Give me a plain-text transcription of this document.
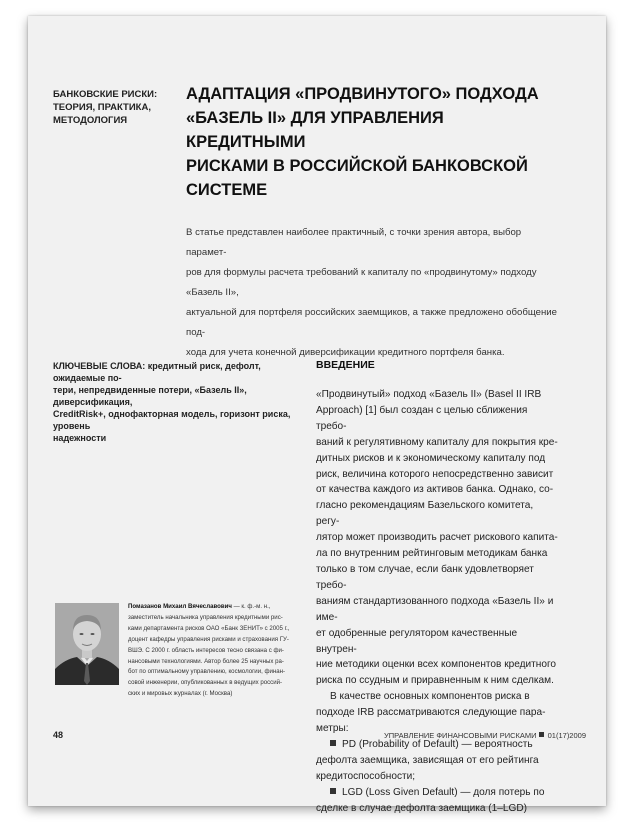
БАНКОВСКИЕ РИСКИ:
ТЕОРИЯ, ПРАКТИКА,
МЕТОДОЛОГИЯ
АДАПТАЦИЯ «ПРОДВИНУТОГО» ПОДХОДА
«БАЗЕЛЬ II» ДЛЯ УПРАВЛЕНИЯ КРЕДИТНЫМИ
РИСКАМИ В РОССИЙСКОЙ БАНКОВСКОЙ
СИСТЕМЕ
В статье представлен наиболее практичный, с точки зрения автора, выбор парамет-
ров для формулы расчета требований к капиталу по «продвинутому» подходу «Базель II»,
актуальной для портфеля российских заемщиков, а также предложено обобщение под-
хода для учета конечной диверсификации кредитного портфеля банка.
КЛЮЧЕВЫЕ СЛОВА: кредитный риск, дефолт, ожидаемые по-
тери, непредвиденные потери, «Базель II», диверсификация,
CreditRisk+, однофакторная модель, горизонт риска, уровень
надежности
ВВЕДЕНИЕ

«Продвинутый» подход «Базель II» (Basel II IRB

Approach) [1] был создан с целью сближения требо-

ваний к регулятивному капиталу для покрытия кре-

дитных рисков и к экономическому капиталу под

риск, величина которого непосредственно зависит

от качества каждого из активов банка. Однако, со-

гласно рекомендациям Базельского комитета, регу-

лятор может производить расчет рискового капита-

ла по внутренним рейтинговым методикам банка

только в том случае, если банк удовлетворяет требо-

ваниям стандартизованного подхода «Базель II» и име-

ет одобренные регулятором качественные внутрен-

ние методики оценки всех компонентов кредитного

риска по ссудным и приравненным к ним сделкам.

В качестве основных компонентов риска в

подходе IRB рассматриваются следующие пара-

метры:

PD (Probability of Default) — вероятность

дефолта заемщика, зависящая от его рейтинга

кредитоспособности;

LGD (Loss Given Default) — доля потерь по

сделке в случае дефолта заемщика (1–LGD)

Помазанов Михаил Вячеславович — к. ф.-м. н.,
заместитель начальника управления кредитными рис-
ками департамента рисков ОАО «Банк ЗЕНИТ» с 2005 г.,
доцент кафедры управления рисками и страхования ГУ-
ВШЭ. С 2000 г. область интересов тесно связана с фи-
нансовыми технологиями. Автор более 25 научных ра-
бот по оптимальному управлению, космологии, финан-
совой инженерии, опубликованных в ведущих россий-
ских и мировых журналах (г. Москва)
48	УПРАВЛЕНИЕ ФИНАНСОВЫМИ РИСКАМИ 01(17)2009
